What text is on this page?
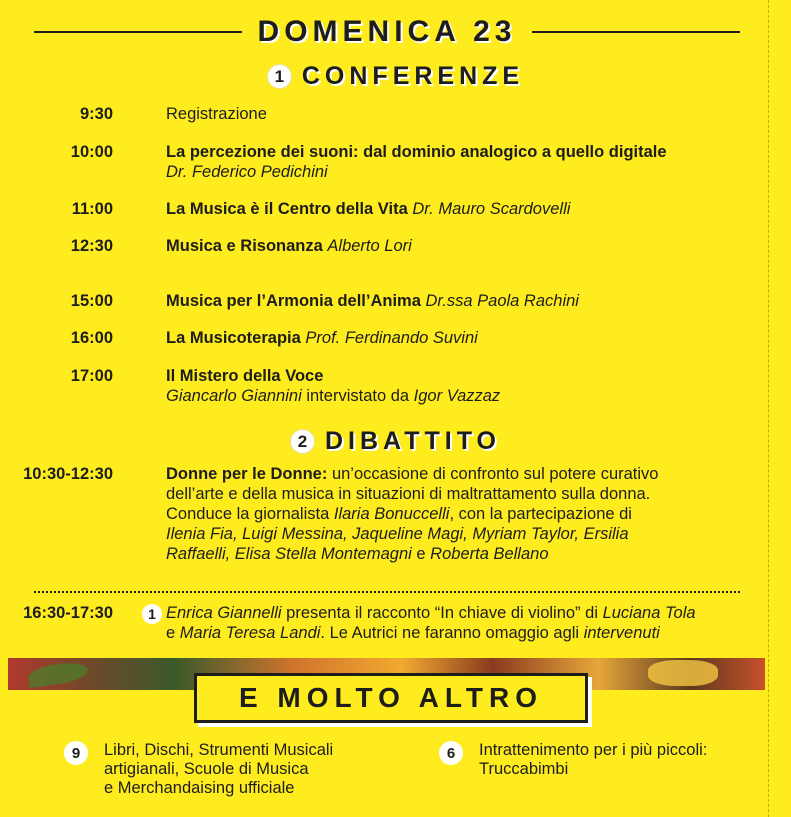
DOMENICA 23
1 CONFERENZE
9:30	Registrazione
10:00	La percezione dei suoni: dal dominio analogico a quello digitale
Dr. Federico Pedichini
11:00	La Musica è il Centro della Vita Dr. Mauro Scardovelli
12:30	Musica e Risonanza Alberto Lori
15:00	Musica per l’Armonia dell’Anima Dr.ssa Paola Rachini
16:00	La Musicoterapia Prof. Ferdinando Suvini
17:00	Il Mistero della Voce
Giancarlo Giannini intervistato da Igor Vazzaz
2 DIBATTITO
10:30-12:30	Donne per le Donne: un’occasione di confronto sul potere curativo
dell’arte e della musica in situazioni di maltrattamento sulla donna.
Conduce la giornalista Ilaria Bonuccelli, con la partecipazione di
Ilenia Fia, Luigi Messina, Jaqueline Magi, Myriam Taylor, Ersilia
Raffaelli, Elisa Stella Montemagni e Roberta Bellano
16:30-17:30	1 Enrica Giannelli presenta il racconto “In chiave di violino” di Luciana Tola
e Maria Teresa Landi. Le Autrici ne faranno omaggio agli intervenuti
E MOLTO ALTRO
9	Libri, Dischi, Strumenti Musicali
artigianali, Scuole di Musica
e Merchandaising ufficiale
6	Intrattenimento per i più piccoli:
Truccabimbi
